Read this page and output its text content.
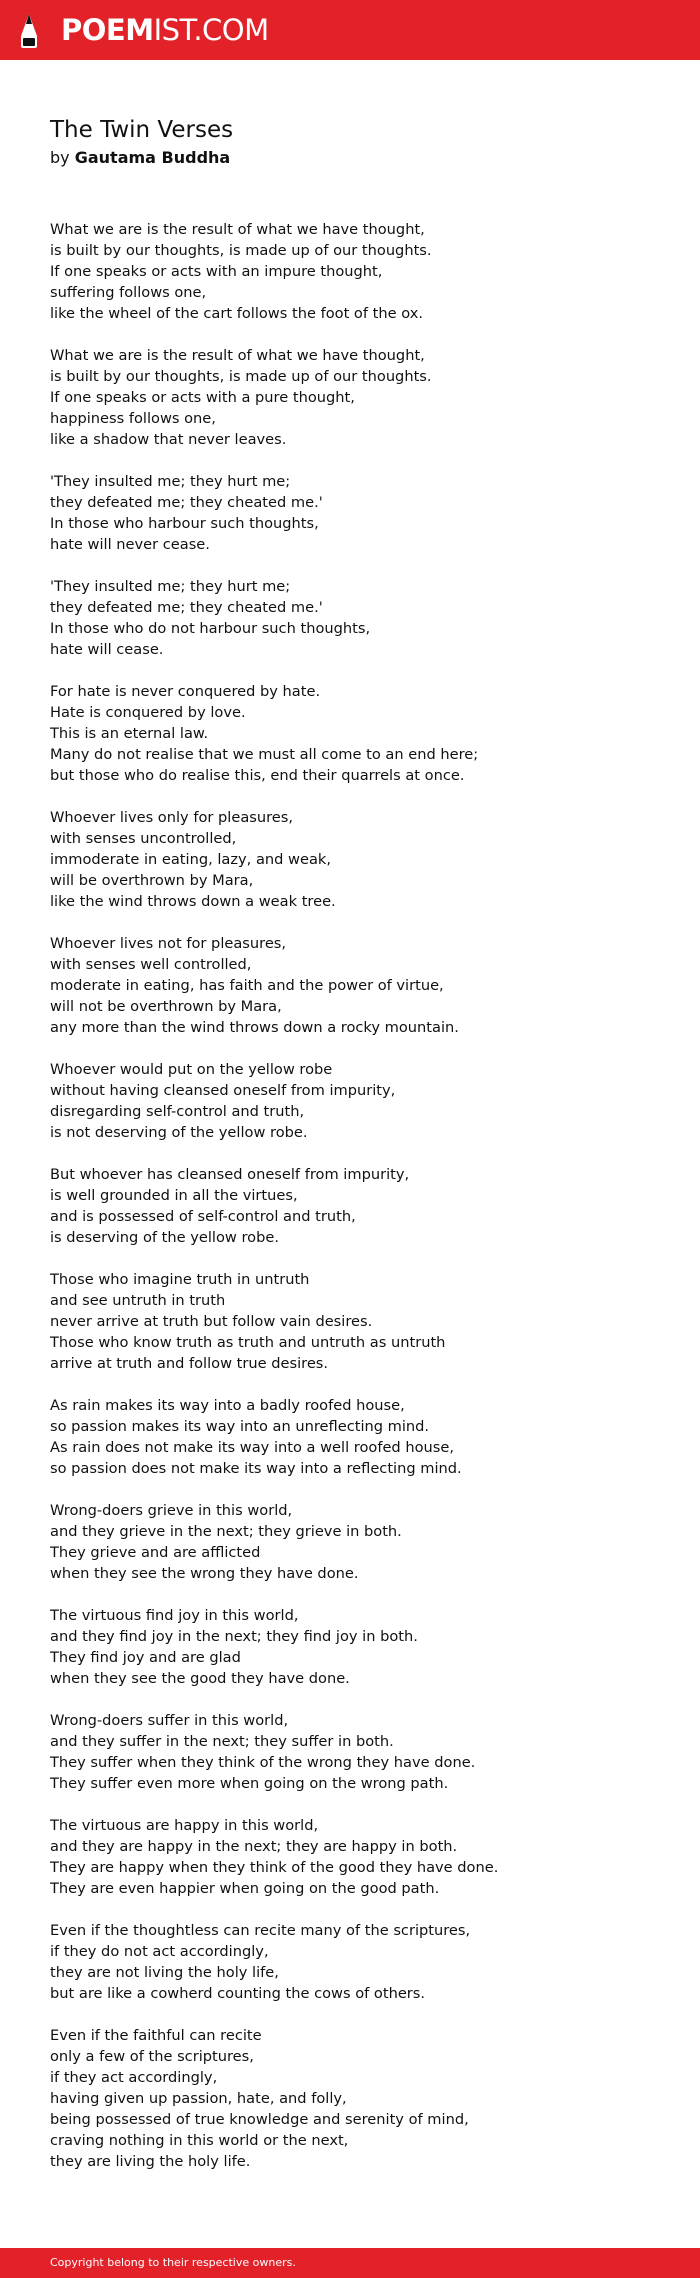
POEMIST.COM
The Twin Verses
by Gautama Buddha

What we are is the result of what we have thought,
is built by our thoughts, is made up of our thoughts.
If one speaks or acts with an impure thought,
suffering follows one,
like the wheel of the cart follows the foot of the ox.

What we are is the result of what we have thought,
is built by our thoughts, is made up of our thoughts.
If one speaks or acts with a pure thought,
happiness follows one,
like a shadow that never leaves.

'They insulted me; they hurt me;
they defeated me; they cheated me.'
In those who harbour such thoughts,
hate will never cease.

'They insulted me; they hurt me;
they defeated me; they cheated me.'
In those who do not harbour such thoughts,
hate will cease.

For hate is never conquered by hate.
Hate is conquered by love.
This is an eternal law.
Many do not realise that we must all come to an end here;
but those who do realise this, end their quarrels at once.

Whoever lives only for pleasures,
with senses uncontrolled,
immoderate in eating, lazy, and weak,
will be overthrown by Mara,
like the wind throws down a weak tree.

Whoever lives not for pleasures,
with senses well controlled,
moderate in eating, has faith and the power of virtue,
will not be overthrown by Mara,
any more than the wind throws down a rocky mountain.

Whoever would put on the yellow robe
without having cleansed oneself from impurity,
disregarding self-control and truth,
is not deserving of the yellow robe.

But whoever has cleansed oneself from impurity,
is well grounded in all the virtues,
and is possessed of self-control and truth,
is deserving of the yellow robe.

Those who imagine truth in untruth
and see untruth in truth
never arrive at truth but follow vain desires.
Those who know truth as truth and untruth as untruth
arrive at truth and follow true desires.

As rain makes its way into a badly roofed house,
so passion makes its way into an unreflecting mind.
As rain does not make its way into a well roofed house,
so passion does not make its way into a reflecting mind.

Wrong-doers grieve in this world,
and they grieve in the next; they grieve in both.
They grieve and are afflicted
when they see the wrong they have done.

The virtuous find joy in this world,
and they find joy in the next; they find joy in both.
They find joy and are glad
when they see the good they have done.

Wrong-doers suffer in this world,
and they suffer in the next; they suffer in both.
They suffer when they think of the wrong they have done.
They suffer even more when going on the wrong path.

The virtuous are happy in this world,
and they are happy in the next; they are happy in both.
They are happy when they think of the good they have done.
They are even happier when going on the good path.

Even if the thoughtless can recite many of the scriptures,
if they do not act accordingly,
they are not living the holy life,
but are like a cowherd counting the cows of others.

Even if the faithful can recite
only a few of the scriptures,
if they act accordingly,
having given up passion, hate, and folly,
being possessed of true knowledge and serenity of mind,
craving nothing in this world or the next,
they are living the holy life.

Copyright belong to their respective owners.
